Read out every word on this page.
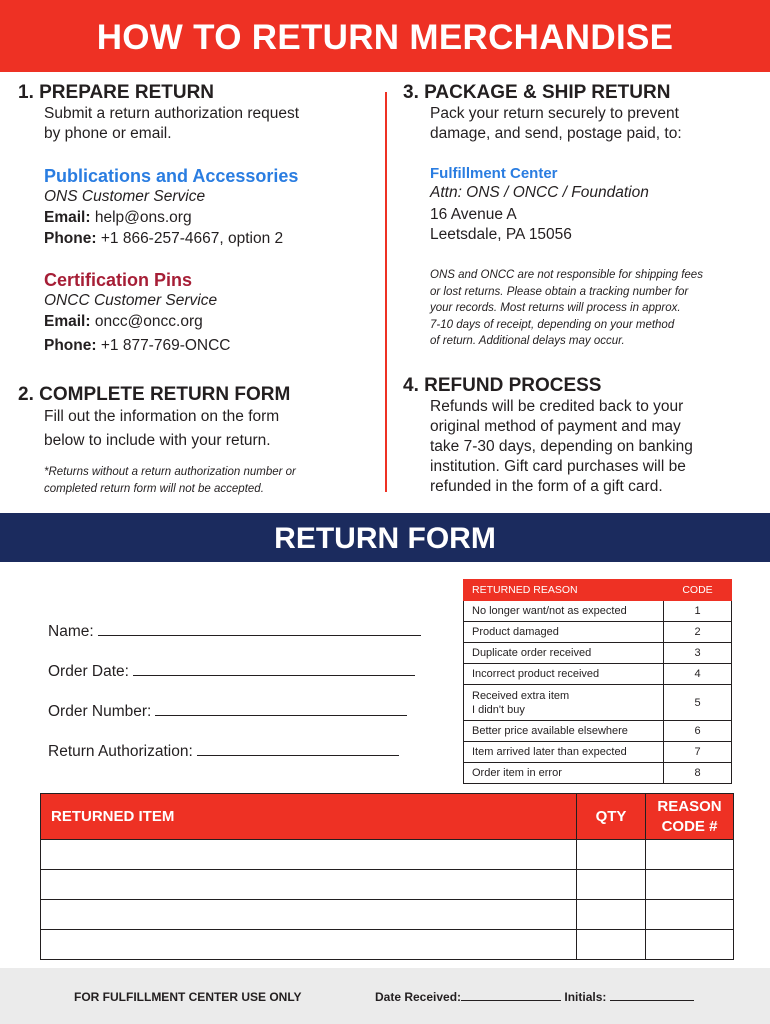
HOW TO RETURN MERCHANDISE
1. PREPARE RETURN
Submit a return authorization request
by phone or email.
Publications and Accessories
ONS Customer Service
Email: help@ons.org
Phone: +1 866-257-4667, option 2
Certification Pins
ONCC Customer Service
Email: oncc@oncc.org
Phone: +1 877-769-ONCC
2. COMPLETE RETURN FORM
Fill out the information on the form
below to include with your return.
*Returns without a return authorization number or
completed return form will not be accepted.
3. PACKAGE & SHIP RETURN
Pack your return securely to prevent
damage, and send, postage paid, to:
Fulfillment Center
Attn: ONS / ONCC / Foundation
16 Avenue A
Leetsdale, PA 15056
ONS and ONCC are not responsible for shipping fees
or lost returns. Please obtain a tracking number for
your records. Most returns will process in approx.
7-10 days of receipt, depending on your method
of return. Additional delays may occur.
4. REFUND PROCESS
Refunds will be credited back to your
original method of payment and may
take 7-30 days, depending on banking
institution. Gift card purchases will be
refunded in the form of a gift card.
RETURN FORM
Name:
Order Date:
Order Number:
Return Authorization:
RETURNED REASON	CODE
No longer want/not as expected	1
Product damaged	2
Duplicate order received	3
Incorrect product received	4

Received extra item
I didn't buy	5
Better price available elsewhere	6
Item arrived later than expected	7
Order item in error	8
RETURNED ITEM	QTY	REASON
CODE #

FOR FULFILLMENT CENTER USE ONLY	Date Received:	Initials:
